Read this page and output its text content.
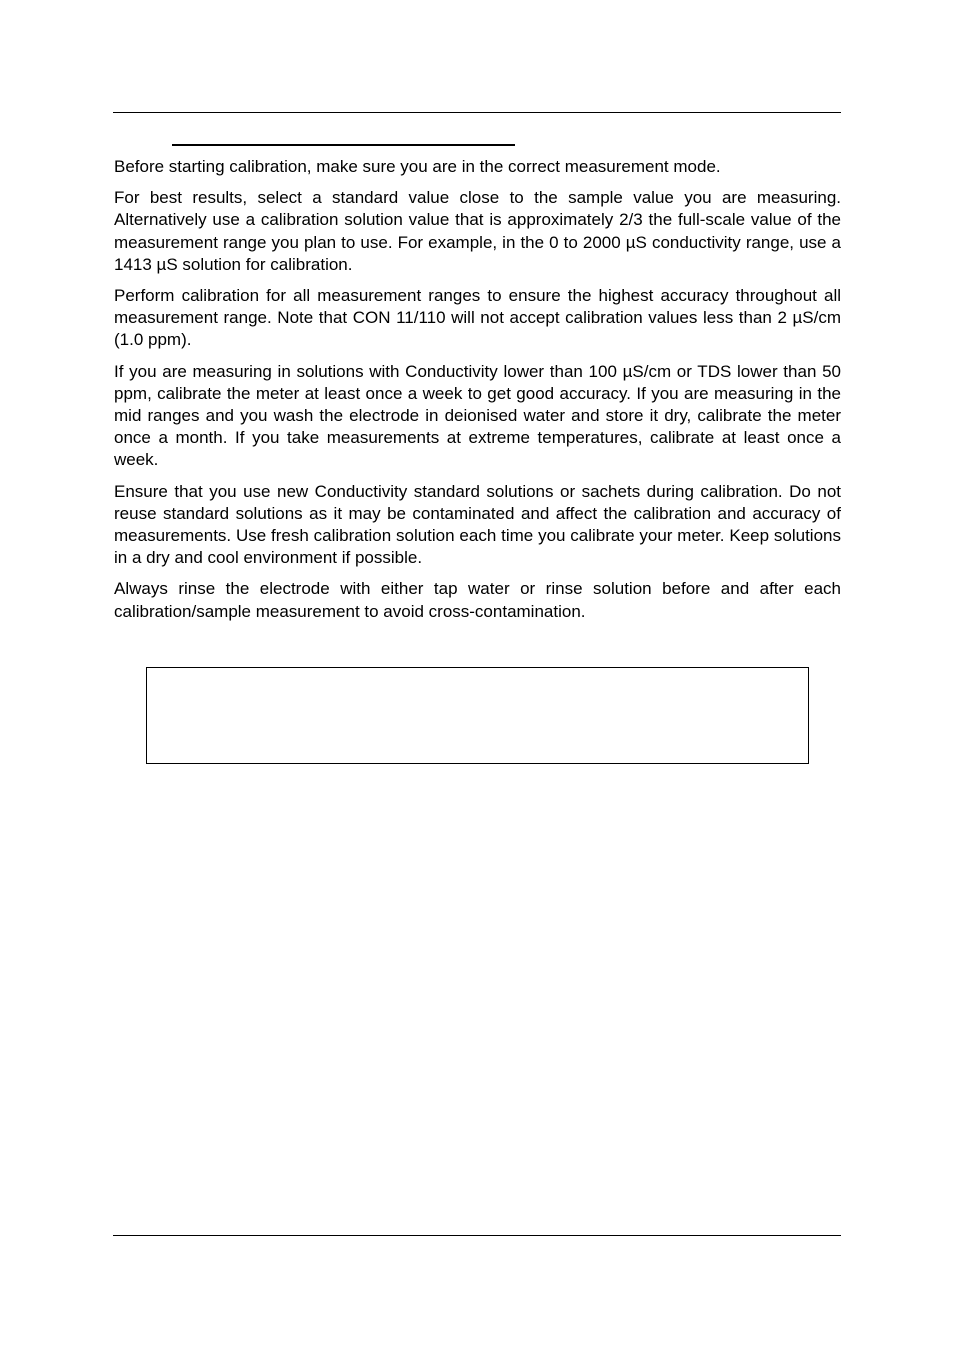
Before starting calibration, make sure you are in the correct measurement mode.

For best results, select a standard value close to the sample value you are measuring. Alternatively use a calibration solution value that is approximately 2/3 the full-scale value of the measurement range you plan to use. For example, in the 0 to 2000 µS conductivity range, use a 1413 µS solution for calibration.

Perform calibration for all measurement ranges to ensure the highest accuracy throughout all measurement range. Note that CON 11/110 will not accept calibration values less than 2 µS/cm (1.0 ppm).

If you are measuring in solutions with Conductivity lower than 100 µS/cm or TDS lower than 50 ppm, calibrate the meter at least once a week to get good accuracy. If you are measuring in the mid ranges and you wash the electrode in deionised water and store it dry, calibrate the meter once a month. If you take measurements at extreme temperatures, calibrate at least once a week.

Ensure that you use new Conductivity standard solutions or sachets during calibration. Do not reuse standard solutions as it may be contaminated and affect the calibration and accuracy of measurements. Use fresh calibration solution each time you calibrate your meter. Keep solutions in a dry and cool environment if possible.

Always rinse the electrode with either tap water or rinse solution before and after each calibration/sample measurement to avoid cross-contamination.
